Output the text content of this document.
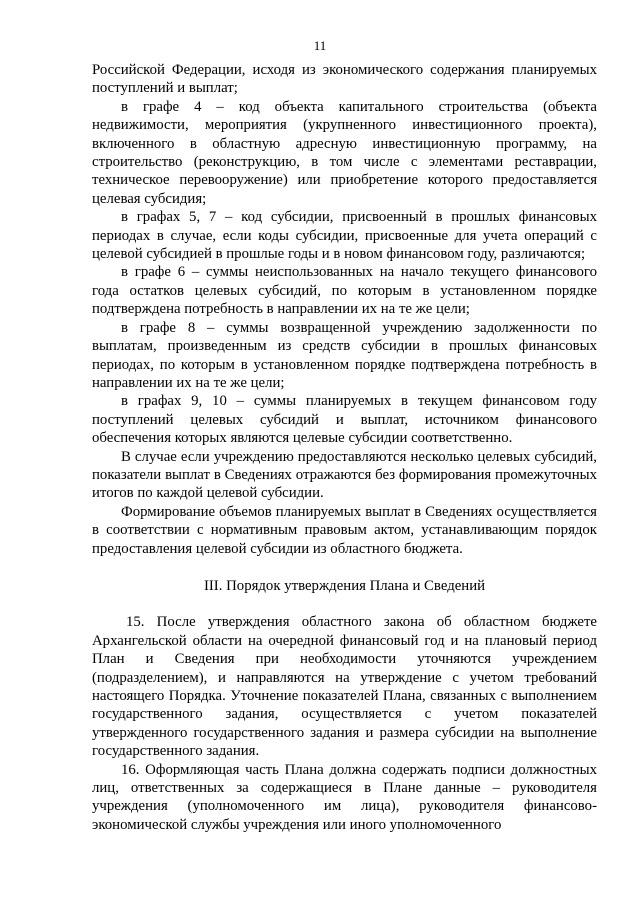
11

Российской Федерации, исходя из экономического содержания планируемых поступлений и выплат;

в графе 4 – код объекта капитального строительства (объекта недвижимости, мероприятия (укрупненного инвестиционного проекта), включенного в областную адресную инвестиционную программу, на строительство (реконструкцию, в том числе с элементами реставрации, техническое перевооружение) или приобретение которого предоставляется целевая субсидия;

в графах 5, 7 – код субсидии, присвоенный в прошлых финансовых периодах в случае, если коды субсидии, присвоенные для учета операций с целевой субсидией в прошлые годы и в новом финансовом году, различаются;

в графе 6 – суммы неиспользованных на начало текущего финансового года остатков целевых субсидий, по которым в установленном порядке подтверждена потребность в направлении их на те же цели;

в графе 8 – суммы возвращенной учреждению задолженности по выплатам, произведенным из средств субсидии в прошлых финансовых периодах, по которым в установленном порядке подтверждена потребность в направлении их на те же цели;

в графах 9, 10 – суммы планируемых в текущем финансовом году поступлений целевых субсидий и выплат, источником финансового обеспечения которых являются целевые субсидии соответственно.

В случае если учреждению предоставляются несколько целевых субсидий, показатели выплат в Сведениях отражаются без формирования промежуточных итогов по каждой целевой субсидии.

Формирование объемов планируемых выплат в Сведениях осуществляется в соответствии с нормативным правовым актом, устанавливающим порядок предоставления целевой субсидии из областного бюджета.

III. Порядок утверждения Плана и Сведений

15. После утверждения областного закона об областном бюджете Архангельской области на очередной финансовый год и на плановый период План и Сведения при необходимости уточняются учреждением (подразделением), и направляются на утверждение с учетом требований настоящего Порядка. Уточнение показателей Плана, связанных с выполнением государственного задания, осуществляется с учетом показателей утвержденного государственного задания и размера субсидии на выполнение государственного задания.

16. Оформляющая часть Плана должна содержать подписи должностных лиц, ответственных за содержащиеся в Плане данные – руководителя учреждения (уполномоченного им лица), руководителя финансово-экономической службы учреждения или иного уполномоченного
